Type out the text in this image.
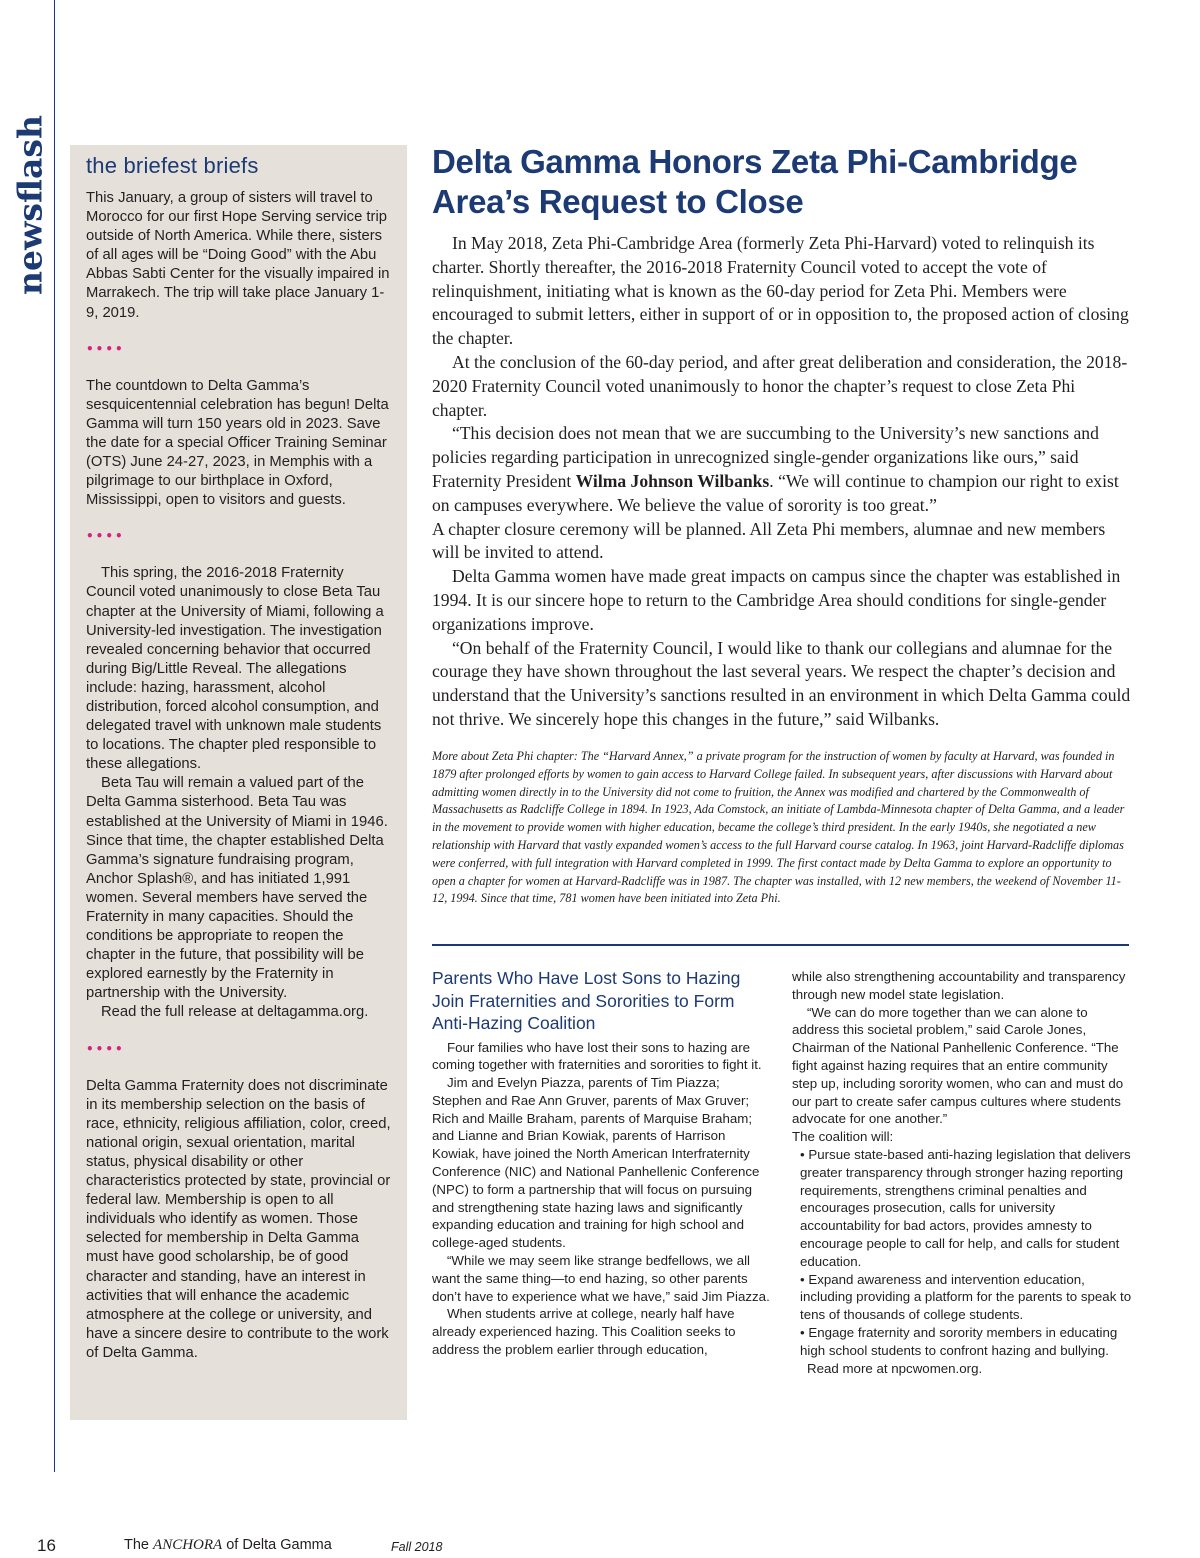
newsflash the briefest briefs

This January, a group of sisters will travel to Morocco for our first Hope Serving service trip outside of North America. While there, sisters of all ages will be “Doing Good” with the Abu Abbas Sabti Center for the visually impaired in Marrakech. The trip will take place January 1-9, 2019.

••••

The countdown to Delta Gamma’s sesquicentennial celebration has begun! Delta Gamma will turn 150 years old in 2023. Save the date for a special Officer Training Seminar (OTS) June 24-27, 2023, in Memphis with a pilgrimage to our birthplace in Oxford, Mississippi, open to visitors and guests.

••••

This spring, the 2016-2018 Fraternity Council voted unanimously to close Beta Tau chapter at the University of Miami, following a University-led investigation. The investigation revealed concerning behavior that occurred during Big/Little Reveal. The allegations include: hazing, harassment, alcohol distribution, forced alcohol consumption, and delegated travel with unknown male students to locations. The chapter pled responsible to these allegations.

Beta Tau will remain a valued part of the Delta Gamma sisterhood. Beta Tau was established at the University of Miami in 1946. Since that time, the chapter established Delta Gamma’s signature fundraising program, Anchor Splash®, and has initiated 1,991 women. Several members have served the Fraternity in many capacities. Should the conditions be appropriate to reopen the chapter in the future, that possibility will be explored earnestly by the Fraternity in partnership with the University.

Read the full release at deltagamma.org.

••••

Delta Gamma Fraternity does not discriminate in its membership selection on the basis of race, ethnicity, religious affiliation, color, creed, national origin, sexual orientation, marital status, physical disability or other characteristics protected by state, provincial or federal law. Membership is open to all individuals who identify as women. Those selected for membership in Delta Gamma must have good scholarship, be of good character and standing, have an interest in activities that will enhance the academic atmosphere at the college or university, and have a sincere desire to contribute to the work of Delta Gamma.

Delta Gamma Honors Zeta Phi-Cambridge Area’s Request to Close

In May 2018, Zeta Phi-Cambridge Area (formerly Zeta Phi-Harvard) voted to relinquish its charter. Shortly thereafter, the 2016-2018 Fraternity Council voted to accept the vote of relinquishment, initiating what is known as the 60-day period for Zeta Phi. Members were encouraged to submit letters, either in support of or in opposition to, the proposed action of closing the chapter.

At the conclusion of the 60-day period, and after great deliberation and consideration, the 2018-2020 Fraternity Council voted unanimously to honor the chapter’s request to close Zeta Phi chapter.

“This decision does not mean that we are succumbing to the University’s new sanctions and policies regarding participation in unrecognized single-gender organizations like ours,” said Fraternity President Wilma Johnson Wilbanks. “We will continue to champion our right to exist on campuses everywhere. We believe the value of sorority is too great.”

A chapter closure ceremony will be planned. All Zeta Phi members, alumnae and new members will be invited to attend.

Delta Gamma women have made great impacts on campus since the chapter was established in 1994. It is our sincere hope to return to the Cambridge Area should conditions for single-gender organizations improve.

“On behalf of the Fraternity Council, I would like to thank our collegians and alumnae for the courage they have shown throughout the last several years. We respect the chapter’s decision and understand that the University’s sanctions resulted in an environment in which Delta Gamma could not thrive. We sincerely hope this changes in the future,” said Wilbanks.

More about Zeta Phi chapter: The “Harvard Annex,” a private program for the instruction of women by faculty at Harvard, was founded in 1879 after prolonged efforts by women to gain access to Harvard College failed. In subsequent years, after discussions with Harvard about admitting women directly in to the University did not come to fruition, the Annex was modified and chartered by the Commonwealth of Massachusetts as Radcliffe College in 1894. In 1923, Ada Comstock, an initiate of Lambda-Minnesota chapter of Delta Gamma, and a leader in the movement to provide women with higher education, became the college’s third president. In the early 1940s, she negotiated a new relationship with Harvard that vastly expanded women’s access to the full Harvard course catalog. In 1963, joint Harvard-Radcliffe diplomas were conferred, with full integration with Harvard completed in 1999. The first contact made by Delta Gamma to explore an opportunity to open a chapter for women at Harvard-Radcliffe was in 1987. The chapter was installed, with 12 new members, the weekend of November 11-12, 1994. Since that time, 781 women have been initiated into Zeta Phi.

Parents Who Have Lost Sons to Hazing Join Fraternities and Sororities to Form Anti-Hazing Coalition

Four families who have lost their sons to hazing are coming together with fraternities and sororities to fight it.

Jim and Evelyn Piazza, parents of Tim Piazza; Stephen and Rae Ann Gruver, parents of Max Gruver; Rich and Maille Braham, parents of Marquise Braham; and Lianne and Brian Kowiak, parents of Harrison Kowiak, have joined the North American Interfraternity Conference (NIC) and National Panhellenic Conference (NPC) to form a partnership that will focus on pursuing and strengthening state hazing laws and significantly expanding education and training for high school and college-aged students.

“While we may seem like strange bedfellows, we all want the same thing—to end hazing, so other parents don’t have to experience what we have,” said Jim Piazza.

When students arrive at college, nearly half have already experienced hazing. This Coalition seeks to address the problem earlier through education,

while also strengthening accountability and transparency through new model state legislation.

“We can do more together than we can alone to address this societal problem,” said Carole Jones, Chairman of the National Panhellenic Conference. “The fight against hazing requires that an entire community step up, including sorority women, who can and must do our part to create safer campus cultures where students advocate for one another.”

The coalition will:

• Pursue state-based anti-hazing legislation that delivers greater transparency through stronger hazing reporting requirements, strengthens criminal penalties and encourages prosecution, calls for university accountability for bad actors, provides amnesty to encourage people to call for help, and calls for student education.

• Expand awareness and intervention education, including providing a platform for the parents to speak to tens of thousands of college students.

• Engage fraternity and sorority members in educating high school students to confront hazing and bullying.

Read more at npcwomen.org.

16	The ANCHORA of Delta Gamma	Fall 2018
